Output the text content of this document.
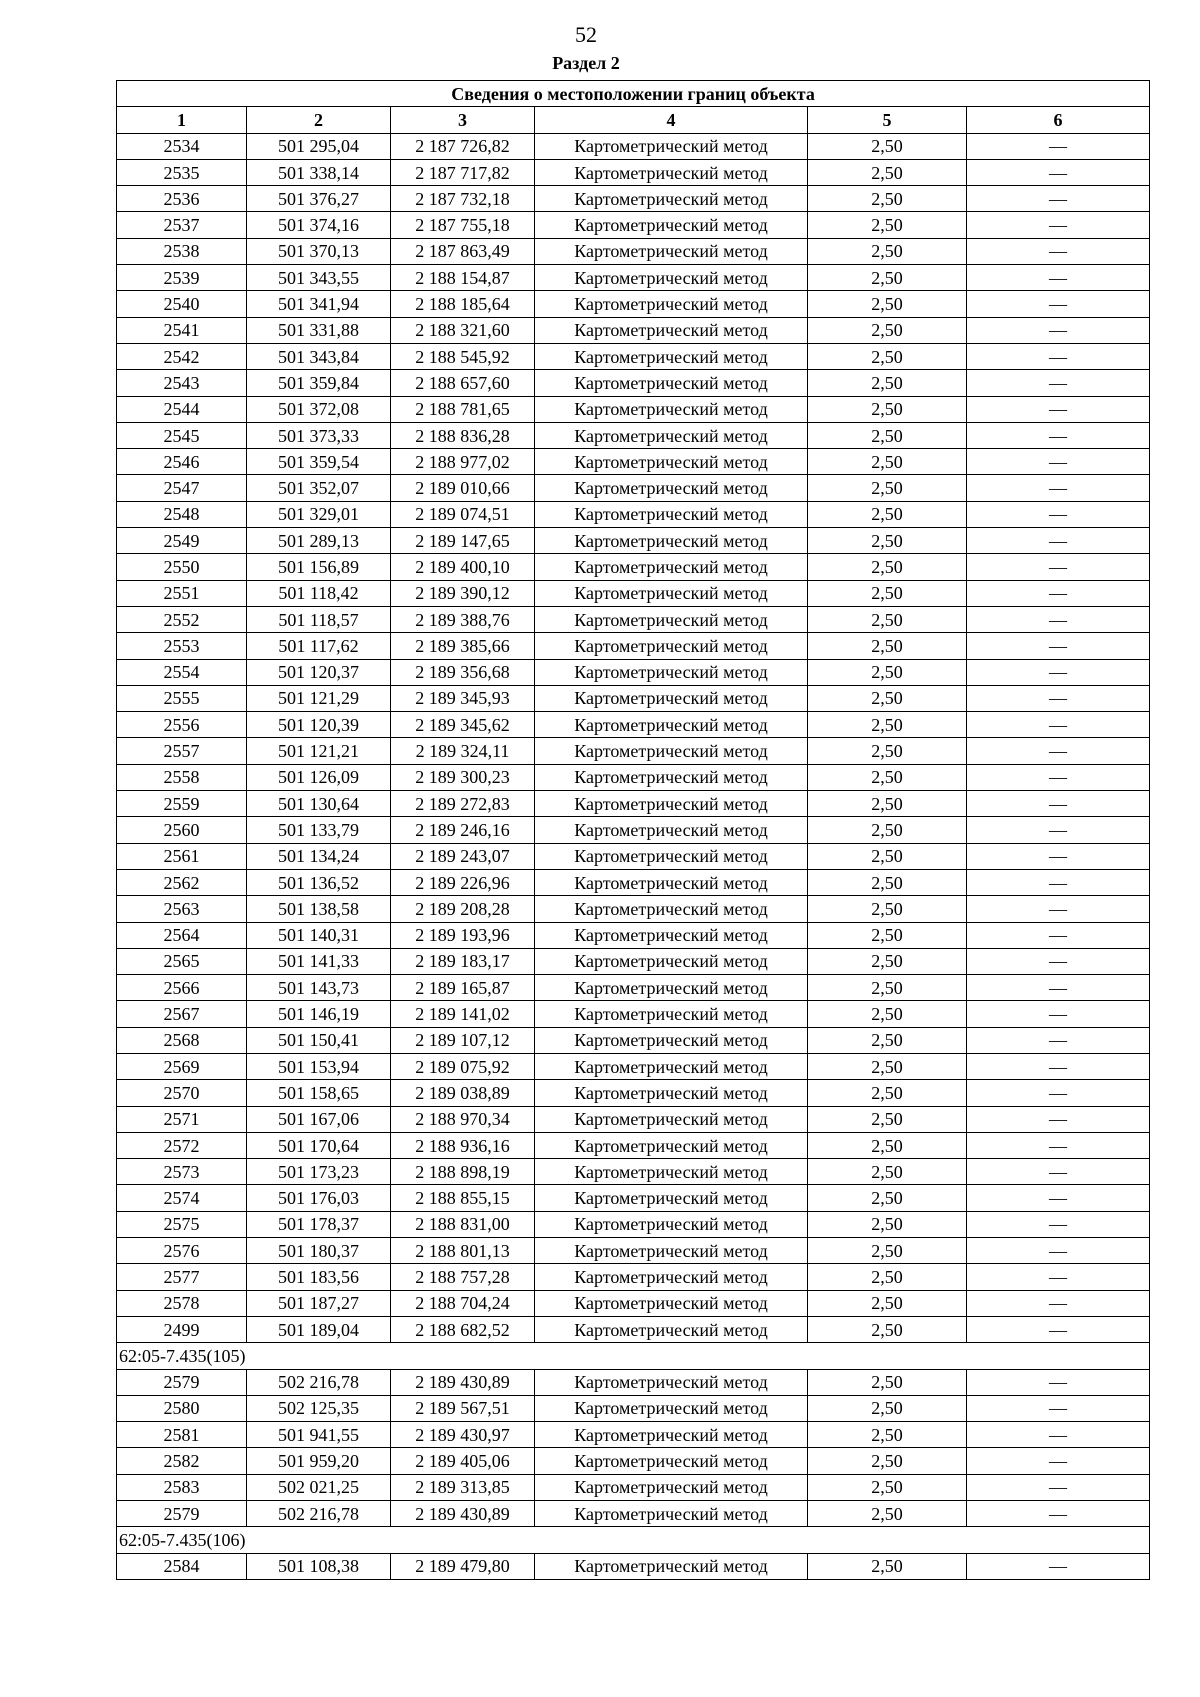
52
Раздел 2
Сведения о местоположении границ объекта					
1	2	3	4	5	6
2534	501 295,04	2 187 726,82	Картометрический метод	2,50	—
2535	501 338,14	2 187 717,82	Картометрический метод	2,50	—
2536	501 376,27	2 187 732,18	Картометрический метод	2,50	—
2537	501 374,16	2 187 755,18	Картометрический метод	2,50	—
2538	501 370,13	2 187 863,49	Картометрический метод	2,50	—
2539	501 343,55	2 188 154,87	Картометрический метод	2,50	—
2540	501 341,94	2 188 185,64	Картометрический метод	2,50	—
2541	501 331,88	2 188 321,60	Картометрический метод	2,50	—
2542	501 343,84	2 188 545,92	Картометрический метод	2,50	—
2543	501 359,84	2 188 657,60	Картометрический метод	2,50	—
2544	501 372,08	2 188 781,65	Картометрический метод	2,50	—
2545	501 373,33	2 188 836,28	Картометрический метод	2,50	—
2546	501 359,54	2 188 977,02	Картометрический метод	2,50	—
2547	501 352,07	2 189 010,66	Картометрический метод	2,50	—
2548	501 329,01	2 189 074,51	Картометрический метод	2,50	—
2549	501 289,13	2 189 147,65	Картометрический метод	2,50	—
2550	501 156,89	2 189 400,10	Картометрический метод	2,50	—
2551	501 118,42	2 189 390,12	Картометрический метод	2,50	—
2552	501 118,57	2 189 388,76	Картометрический метод	2,50	—
2553	501 117,62	2 189 385,66	Картометрический метод	2,50	—
2554	501 120,37	2 189 356,68	Картометрический метод	2,50	—
2555	501 121,29	2 189 345,93	Картометрический метод	2,50	—
2556	501 120,39	2 189 345,62	Картометрический метод	2,50	—
2557	501 121,21	2 189 324,11	Картометрический метод	2,50	—
2558	501 126,09	2 189 300,23	Картометрический метод	2,50	—
2559	501 130,64	2 189 272,83	Картометрический метод	2,50	—
2560	501 133,79	2 189 246,16	Картометрический метод	2,50	—
2561	501 134,24	2 189 243,07	Картометрический метод	2,50	—
2562	501 136,52	2 189 226,96	Картометрический метод	2,50	—
2563	501 138,58	2 189 208,28	Картометрический метод	2,50	—
2564	501 140,31	2 189 193,96	Картометрический метод	2,50	—
2565	501 141,33	2 189 183,17	Картометрический метод	2,50	—
2566	501 143,73	2 189 165,87	Картометрический метод	2,50	—
2567	501 146,19	2 189 141,02	Картометрический метод	2,50	—
2568	501 150,41	2 189 107,12	Картометрический метод	2,50	—
2569	501 153,94	2 189 075,92	Картометрический метод	2,50	—
2570	501 158,65	2 189 038,89	Картометрический метод	2,50	—
2571	501 167,06	2 188 970,34	Картометрический метод	2,50	—
2572	501 170,64	2 188 936,16	Картометрический метод	2,50	—
2573	501 173,23	2 188 898,19	Картометрический метод	2,50	—
2574	501 176,03	2 188 855,15	Картометрический метод	2,50	—
2575	501 178,37	2 188 831,00	Картометрический метод	2,50	—
2576	501 180,37	2 188 801,13	Картометрический метод	2,50	—
2577	501 183,56	2 188 757,28	Картометрический метод	2,50	—
2578	501 187,27	2 188 704,24	Картометрический метод	2,50	—
2499	501 189,04	2 188 682,52	Картометрический метод	2,50	—
62:05-7.435(105)					
2579	502 216,78	2 189 430,89	Картометрический метод	2,50	—
2580	502 125,35	2 189 567,51	Картометрический метод	2,50	—
2581	501 941,55	2 189 430,97	Картометрический метод	2,50	—
2582	501 959,20	2 189 405,06	Картометрический метод	2,50	—
2583	502 021,25	2 189 313,85	Картометрический метод	2,50	—
2579	502 216,78	2 189 430,89	Картометрический метод	2,50	—
62:05-7.435(106)					
2584	501 108,38	2 189 479,80	Картометрический метод	2,50	—
